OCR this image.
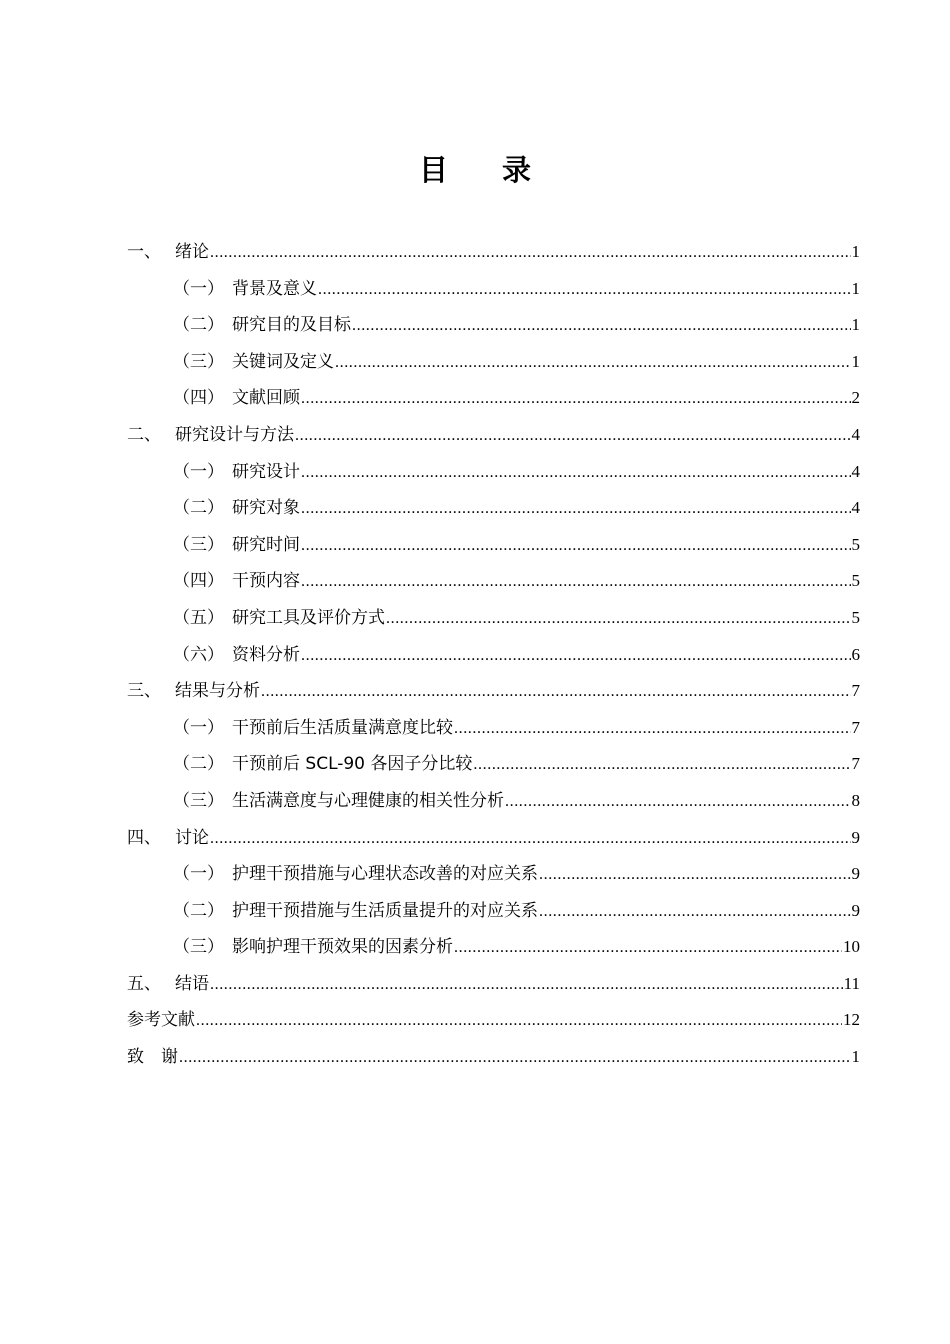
目 录
一、 绪论 .....	1
（一） 背景及意义 .....	1
（二） 研究目的及目标 .....	1
（三） 关键词及定义 .....	1
（四） 文献回顾 .....	2
二、 研究设计与方法 .....	4
（一） 研究设计 .....	4
（二） 研究对象 .....	4
（三） 研究时间 .....	5
（四） 干预内容 .....	5
（五） 研究工具及评价方式 .....	5
（六） 资料分析 .....	6
三、 结果与分析 .....	7
（一） 干预前后生活质量满意度比较 .....	7
（二） 干预前后 SCL-90 各因子分比较 .....	7
（三） 生活满意度与心理健康的相关性分析 .....	8
四、 讨论 .....	9
（一） 护理干预措施与心理状态改善的对应关系 .....	9
（二） 护理干预措施与生活质量提升的对应关系 .....	9
（三） 影响护理干预效果的因素分析 .....	10
五、 结语 .....	11
参考文献 .....	12
致　谢 .....	1
